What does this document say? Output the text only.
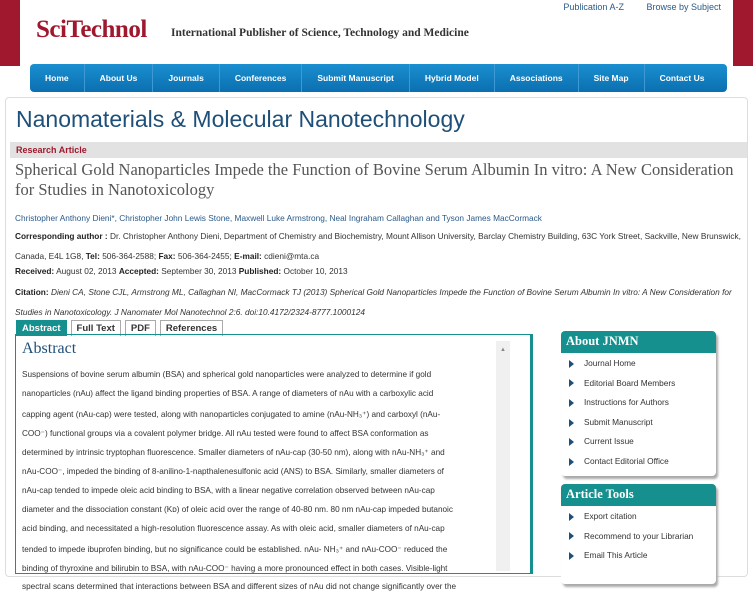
Publication A-Z	Browse by Subject
SciTechnol International Publisher of Science, Technology and Medicine
Home	About Us	Journals	Conferences	Submit Manuscript	Hybrid Model	Associations	Site Map	Contact Us
Nanomaterials & Molecular Nanotechnology
Research Article
Spherical Gold Nanoparticles Impede the Function of Bovine Serum Albumin In vitro: A New Consideration for Studies in Nanotoxicology
Christopher Anthony Dieni*, Christopher John Lewis Stone, Maxwell Luke Armstrong, Neal Ingraham Callaghan and Tyson James MacCormack
Corresponding author : Dr. Christopher Anthony Dieni, Department of Chemistry and Biochemistry, Mount Allison University, Barclay Chemistry Building, 63C York Street, Sackville, New Brunswick, Canada, E4L 1G8, Tel: 506-364-2588; Fax: 506-364-2455; E-mail: cdieni@mta.ca
Received: August 02, 2013 Accepted: September 30, 2013 Published: October 10, 2013
Citation: Dieni CA, Stone CJL, Armstrong ML, Callaghan NI, MacCormack TJ (2013) Spherical Gold Nanoparticles Impede the Function of Bovine Serum Albumin In vitro: A New Consideration for Studies in Nanotoxicology. J Nanomater Mol Nanotechnol 2:6. doi:10.4172/2324-8777.1000124
Abstract	Full Text	PDF	References
▲
Abstract
Suspensions of bovine serum albumin (BSA) and spherical gold nanoparticles were analyzed to determine if gold
nanoparticles (nAu) affect the ligand binding properties of BSA. A range of diameters of nAu with a carboxylic acid
capping agent (nAu-cap) were tested, along with nanoparticles conjugated to amine (nAu-NH₃⁺) and carboxyl (nAu-
COO⁻) functional groups via a covalent polymer bridge. All nAu tested were found to affect BSA conformation as
determined by intrinsic tryptophan fluorescence. Smaller diameters of nAu-cap (30-50 nm), along with nAu-NH₃⁺ and
nAu-COO⁻, impeded the binding of 8-anilino-1-napthalenesulfonic acid (ANS) to BSA. Similarly, smaller diameters of
nAu-cap tended to impede oleic acid binding to BSA, with a linear negative correlation observed between nAu-cap
diameter and the dissociation constant (Kᴅ) of oleic acid over the range of 40-80 nm. 80 nm nAu-cap impeded butanoic
acid binding, and necessitated a high-resolution fluorescence assay. As with oleic acid, smaller diameters of nAu-cap
tended to impede ibuprofen binding, but no significance could be established. nAu- NH₃⁺ and nAu-COO⁻ reduced the
binding of thyroxine and bilirubin to BSA, with nAu-COO⁻ having a more pronounced effect in both cases. Visible-light
spectral scans determined that interactions between BSA and different sizes of nAu did not change significantly over the
About JNMN
Journal Home
Editorial Board Members
Instructions for Authors
Submit Manuscript
Current Issue
Contact Editorial Office
Article Tools
Export citation
Recommend to your Librarian
Email This Article
